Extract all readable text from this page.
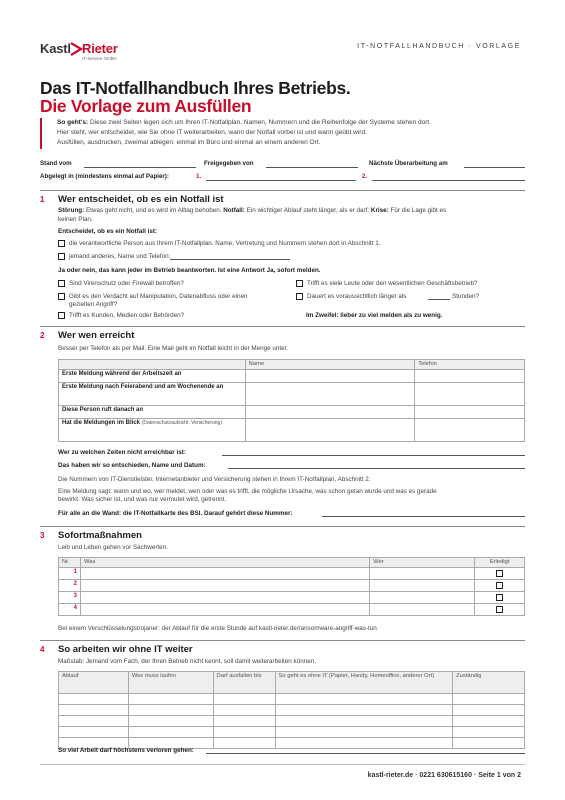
Kastl Rieter
IT-Service GmbH
IT-NOTFALLHANDBUCH · VORLAGE
Das IT-Notfallhandbuch Ihres Betriebs.
Die Vorlage zum Ausfüllen
So geht's: Diese zwei Seiten legen sich um Ihren IT-Notfallplan. Namen, Nummern und die Reihenfolge der Systeme stehen dort.
Hier steht, wer entscheidet, wie Sie ohne IT weiterarbeiten, wann der Notfall vorbei ist und wann geübt wird.
Ausfüllen, ausdrucken, zweimal ablegen: einmal im Büro und einmal an einem anderen Ort.
Stand vom	Freigegeben von	Nächste Überarbeitung am
Abgelegt in (mindestens einmal auf Papier):	1.	2.
1 Wer entscheidet, ob es ein Notfall ist
Störung: Etwas geht nicht, und es wird im Alltag behoben. Notfall: Ein wichtiger Ablauf steht länger, als er darf. Krise: Für die Lage gibt es
keinen Plan.
Entscheidet, ob es ein Notfall ist:
die verantwortliche Person aus Ihrem IT-Notfallplan. Name, Vertretung und Nummern stehen dort in Abschnitt 1.
jemand anderes, Name und Telefon:
Ja oder nein, das kann jeder im Betrieb beantworten. Ist eine Antwort Ja, sofort melden.
Sind Virenschutz oder Firewall betroffen?
Gibt es den Verdacht auf Manipulation, Datenabfluss oder einen
gezielten Angriff?
Trifft es Kunden, Medien oder Behörden?
Trifft es viele Leute oder den wesentlichen Geschäftsbetrieb?
Dauert es voraussichtlich länger als	Stunden?
Im Zweifel: lieber zu viel melden als zu wenig.
2 Wer wen erreicht
Besser per Telefon als per Mail. Eine Mail geht im Notfall leicht in der Menge unter.
	Name	Telefon
Erste Meldung während der Arbeitszeit an		
Erste Meldung nach Feierabend und am Wochenende an		
Diese Person ruft danach an		
Hat die Meldungen im Blick (Datenschutzaufsicht, Versicherung)		
Wer zu welchen Zeiten nicht erreichbar ist:
Das haben wir so entschieden, Name und Datum:
Die Nummern von IT-Dienstleister, Internetanbieter und Versicherung stehen in Ihrem IT-Notfallplan, Abschnitt 2.
Eine Meldung sagt: wann und wo, wer meldet, wen oder was es trifft, die mögliche Ursache, was schon getan wurde und was es gerade
bewirkt. Was sicher ist, und was nur vermutet wird, getrennt.
Für alle an die Wand: die IT-Notfallkarte des BSI. Darauf gehört diese Nummer:
3 Sofortmaßnahmen
Leib und Leben gehen vor Sachwerten.
Nr.	Was	Wer	Erledigt
1			
2			
3			
4			
Bei einem Verschlüsselungstrojaner: der Ablauf für die erste Stunde auf kastl-rieter.de/ransomware-angriff-was-tun
4 So arbeiten wir ohne IT weiter
Maßstab: Jemand vom Fach, der Ihren Betrieb nicht kennt, soll damit weiterarbeiten können.
Ablauf	Was muss laufen	Darf ausfallen bis	So geht es ohne IT (Papier, Handy, Homeoffice, anderer Ort)	Zuständig

So viel Arbeit darf höchstens verloren gehen:
kastl-rieter.de · 0221 630615160 · Seite 1 von 2
